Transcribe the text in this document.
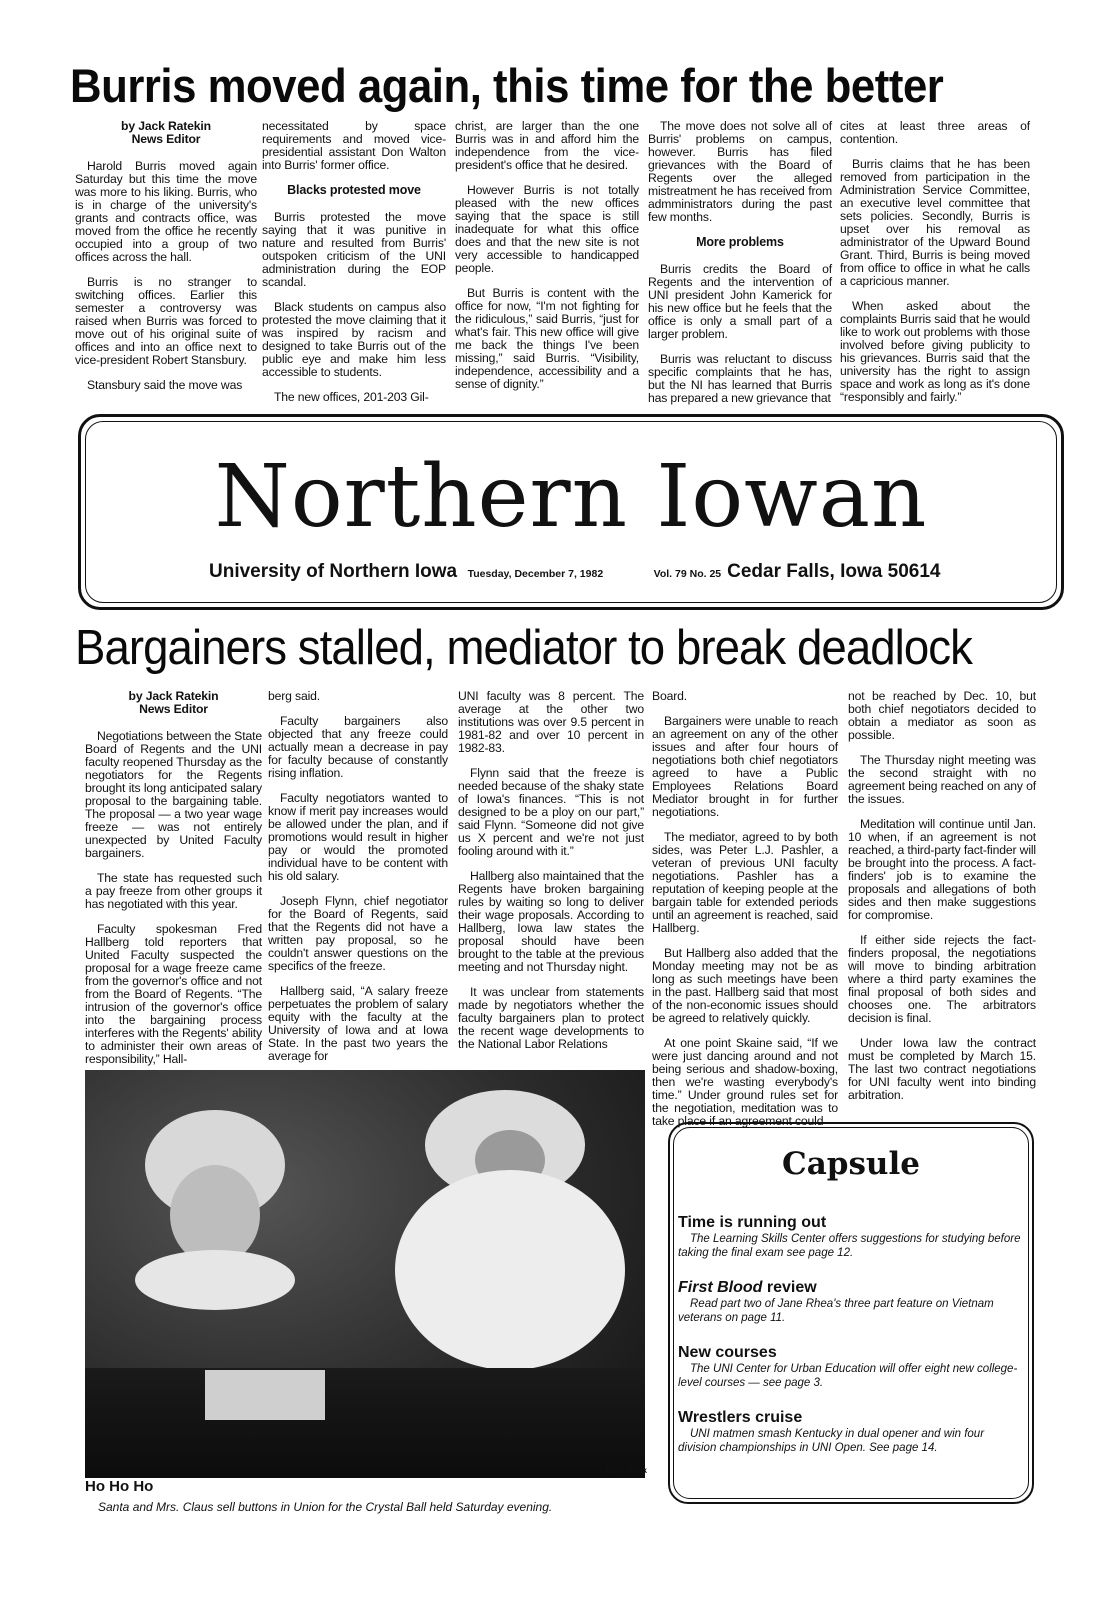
Burris moved again, this time for the better
by Jack Ratekin
News Editor

Harold Burris moved again Saturday but this time the move was more to his liking. Burris, who is in charge of the university's grants and contracts office, was moved from the office he recently occupied into a group of two offices across the hall.

Burris is no stranger to switching offices. Earlier this semester a controversy was raised when Burris was forced to move out of his original suite of offices and into an office next to vice-president Robert Stansbury.

Stansbury said the move was

necessitated by space requirements and moved vice-presidential assistant Don Walton into Burris' former office.

Blacks protested move

Burris protested the move saying that it was punitive in nature and resulted from Burris' outspoken criticism of the UNI administration during the EOP scandal.

Black students on campus also protested the move claiming that it was inspired by racism and designed to take Burris out of the public eye and make him less accessible to students.

The new offices, 201-203 Gil-

christ, are larger than the one Burris was in and afford him the independence from the vice-president's office that he desired.

However Burris is not totally pleased with the new offices saying that the space is still inadequate for what this office does and that the new site is not very accessible to handicapped people.

But Burris is content with the office for now, “I'm not fighting for the ridiculous,” said Burris, “just for what's fair. This new office will give me back the things I've been missing,” said Burris. “Visibility, independence, accessibility and a sense of dignity.”

The move does not solve all of Burris' problems on campus, however. Burris has filed grievances with the Board of Regents over the alleged mistreatment he has received from admministrators during the past few months.

More problems

Burris credits the Board of Regents and the intervention of UNI president John Kamerick for his new office but he feels that the office is only a small part of a larger problem.

Burris was reluctant to discuss specific complaints that he has, but the NI has learned that Burris has prepared a new grievance that

cites at least three areas of contention.

Burris claims that he has been removed from participation in the Administration Service Committee, an executive level committee that sets policies. Secondly, Burris is upset over his removal as administrator of the Upward Bound Grant. Third, Burris is being moved from office to office in what he calls a capricious manner.

When asked about the complaints Burris said that he would like to work out problems with those involved before giving publicity to his grievances. Burris said that the university has the right to assign space and work as long as it's done “responsibly and fairly.”

Northern Iowan
University of Northern Iowa Tuesday, December 7, 1982	Vol. 79 No. 25 Cedar Falls, Iowa 50614
Bargainers stalled, mediator to break deadlock
by Jack Ratekin
News Editor

Negotiations between the State Board of Regents and the UNI faculty reopened Thursday as the negotiators for the Regents brought its long anticipated salary proposal to the bargaining table. The proposal — a two year wage freeze — was not entirely unexpected by United Faculty bargainers.

The state has requested such a pay freeze from other groups it has negotiated with this year.

Faculty spokesman Fred Hallberg told reporters that United Faculty suspected the proposal for a wage freeze came from the governor's office and not from the Board of Regents. “The intrusion of the governor's office into the bargaining process interferes with the Regents' ability to administer their own areas of responsibility,” Hall-

berg said.

Faculty bargainers also objected that any freeze could actually mean a decrease in pay for faculty because of constantly rising inflation.

Faculty negotiators wanted to know if merit pay increases would be allowed under the plan, and if promotions would result in higher pay or would the promoted individual have to be content with his old salary.

Joseph Flynn, chief negotiator for the Board of Regents, said that the Regents did not have a written pay proposal, so he couldn't answer questions on the specifics of the freeze.

Hallberg said, “A salary freeze perpetuates the problem of salary equity with the faculty at the University of Iowa and at Iowa State. In the past two years the average for

UNI faculty was 8 percent. The average at the other two institutions was over 9.5 percent in 1981-82 and over 10 percent in 1982-83.

Flynn said that the freeze is needed because of the shaky state of Iowa's finances. “This is not designed to be a ploy on our part,” said Flynn. “Someone did not give us X percent and we're not just fooling around with it.”

Hallberg also maintained that the Regents have broken bargaining rules by waiting so long to deliver their wage proposals. According to Hallberg, Iowa law states the proposal should have been brought to the table at the previous meeting and not Thursday night.

It was unclear from statements made by negotiators whether the faculty bargainers plan to protect the recent wage developments to the National Labor Relations

Board.

Bargainers were unable to reach an agreement on any of the other issues and after four hours of negotiations both chief negotiators agreed to have a Public Employees Relations Board Mediator brought in for further negotiations.

The mediator, agreed to by both sides, was Peter L.J. Pashler, a veteran of previous UNI faculty negotiations. Pashler has a reputation of keeping people at the bargain table for extended periods until an agreement is reached, said Hallberg.

But Hallberg also added that the Monday meeting may not be as long as such meetings have been in the past. Hallberg said that most of the non-economic issues should be agreed to relatively quickly.

At one point Skaine said, “If we were just dancing around and not being serious and shadow-boxing, then we're wasting everybody's time.” Under ground rules set for the negotiation, meditation was to take place if an agreement could

not be reached by Dec. 10, but both chief negotiators decided to obtain a mediator as soon as possible.

The Thursday night meeting was the second straight with no agreement being reached on any of the issues.

Meditation will continue until Jan. 10 when, if an agreement is not reached, a third-party fact-finder will be brought into the process. A fact-finders' job is to examine the proposals and allegations of both sides and then make suggestions for compromise.

If either side rejects the fact-finders proposal, the negotiations will move to binding arbitration where a third party examines the final proposal of both sides and chooses one. The arbitrators decision is final.

Under Iowa law the contract must be completed by March 15. The last two contract negotiations for UNI faculty went into binding arbitration.

Dorn Cook
Ho Ho Ho
Santa and Mrs. Claus sell buttons in Union for the Crystal Ball held Saturday evening.
Capsule
Time is running out
The Learning Skills Center offers suggestions for studying before taking the final exam see page 12.
First Blood review
Read part two of Jane Rhea's three part feature on Vietnam veterans on page 11.
New courses
The UNI Center for Urban Education will offer eight new college-level courses — see page 3.
Wrestlers cruise
UNI matmen smash Kentucky in dual opener and win four division championships in UNI Open. See page 14.
